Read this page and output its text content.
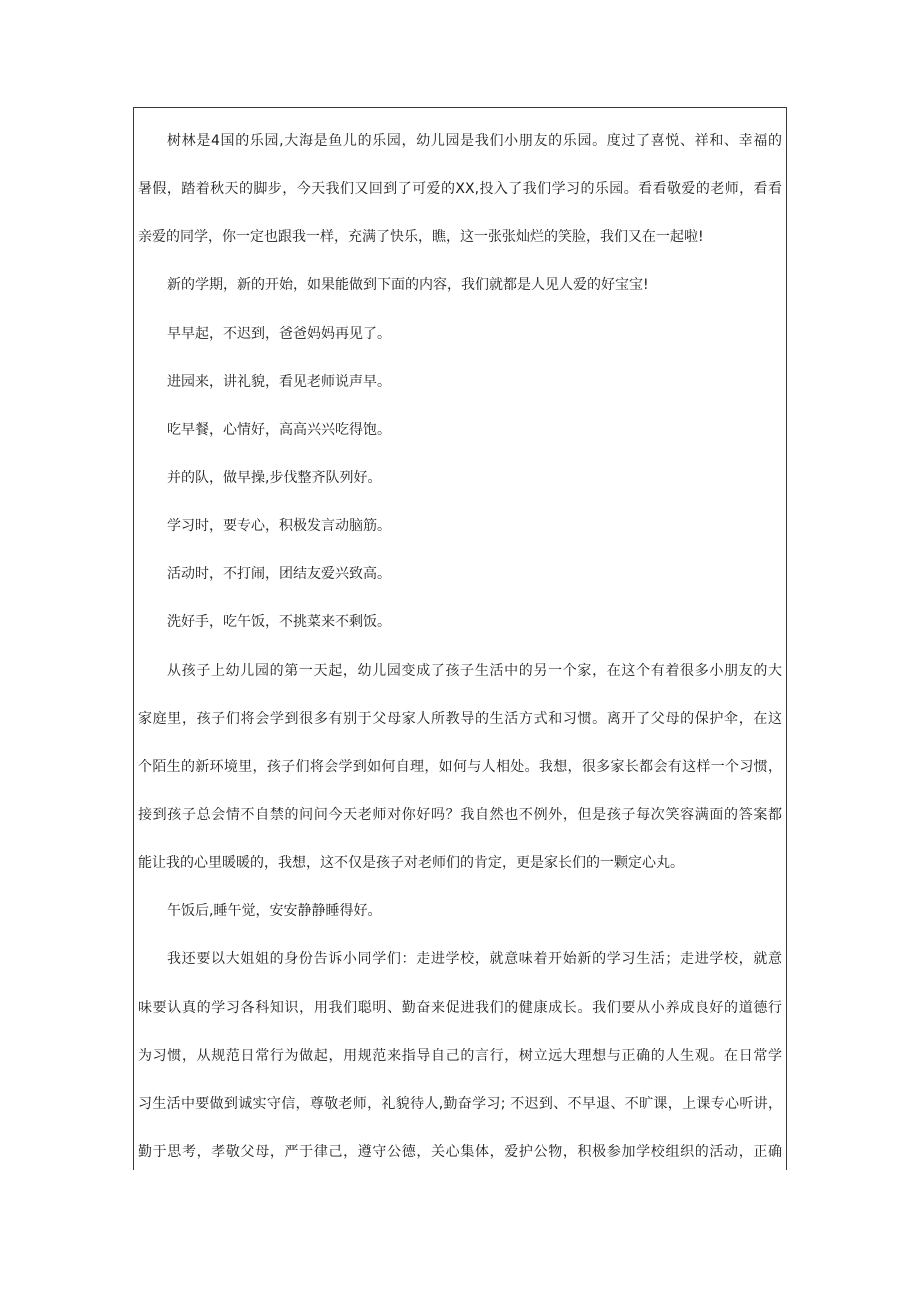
树林是4国的乐园,大海是鱼儿的乐园，幼儿园是我们小朋友的乐园。度过了喜悦、祥和、幸福的
暑假，踏着秋天的脚步，今天我们又回到了可爱的XX,投入了我们学习的乐园。看看敬爱的老师，看看
亲爱的同学，你一定也跟我一样，充满了快乐，瞧，这一张张灿烂的笑脸，我们又在一起啦!
新的学期，新的开始，如果能做到下面的内容，我们就都是人见人爱的好宝宝!
早早起，不迟到，爸爸妈妈再见了。
进园来，讲礼貌，看见老师说声早。
吃早餐，心情好，高高兴兴吃得饱。
并的队，做早操,步伐整齐队列好。
学习时，要专心，积极发言动脑筋。
活动时，不打闹，团结友爱兴致高。
洗好手，吃午饭，不挑菜来不剩饭。
从孩子上幼儿园的第一天起，幼儿园变成了孩子生活中的另一个家，在这个有着很多小朋友的大
家庭里，孩子们将会学到很多有别于父母家人所教导的生活方式和习惯。离开了父母的保护伞，在这
个陌生的新环境里，孩子们将会学到如何自理，如何与人相处。我想，很多家长都会有这样一个习惯，
接到孩子总会情不自禁的问问今天老师对你好吗？我自然也不例外，但是孩子每次笑容满面的答案都
能让我的心里暖暖的，我想，这不仅是孩子对老师们的肯定，更是家长们的一颗定心丸。
午饭后,睡午觉，安安静静睡得好。
我还要以大姐姐的身份告诉小同学们：走进学校，就意味着开始新的学习生活；走进学校，就意
味要认真的学习各科知识，用我们聪明、勤奋来促进我们的健康成长。我们要从小养成良好的道德行
为习惯，从规范日常行为做起，用规范来指导自己的言行，树立远大理想与正确的人生观。在日常学
习生活中要做到诚实守信，尊敬老师，礼貌待人,勤奋学习; 不迟到、不早退、不旷课，上课专心听讲，
勤于思考，孝敬父母，严于律己，遵守公德，关心集体，爱护公物，积极参加学校组织的活动，正确
